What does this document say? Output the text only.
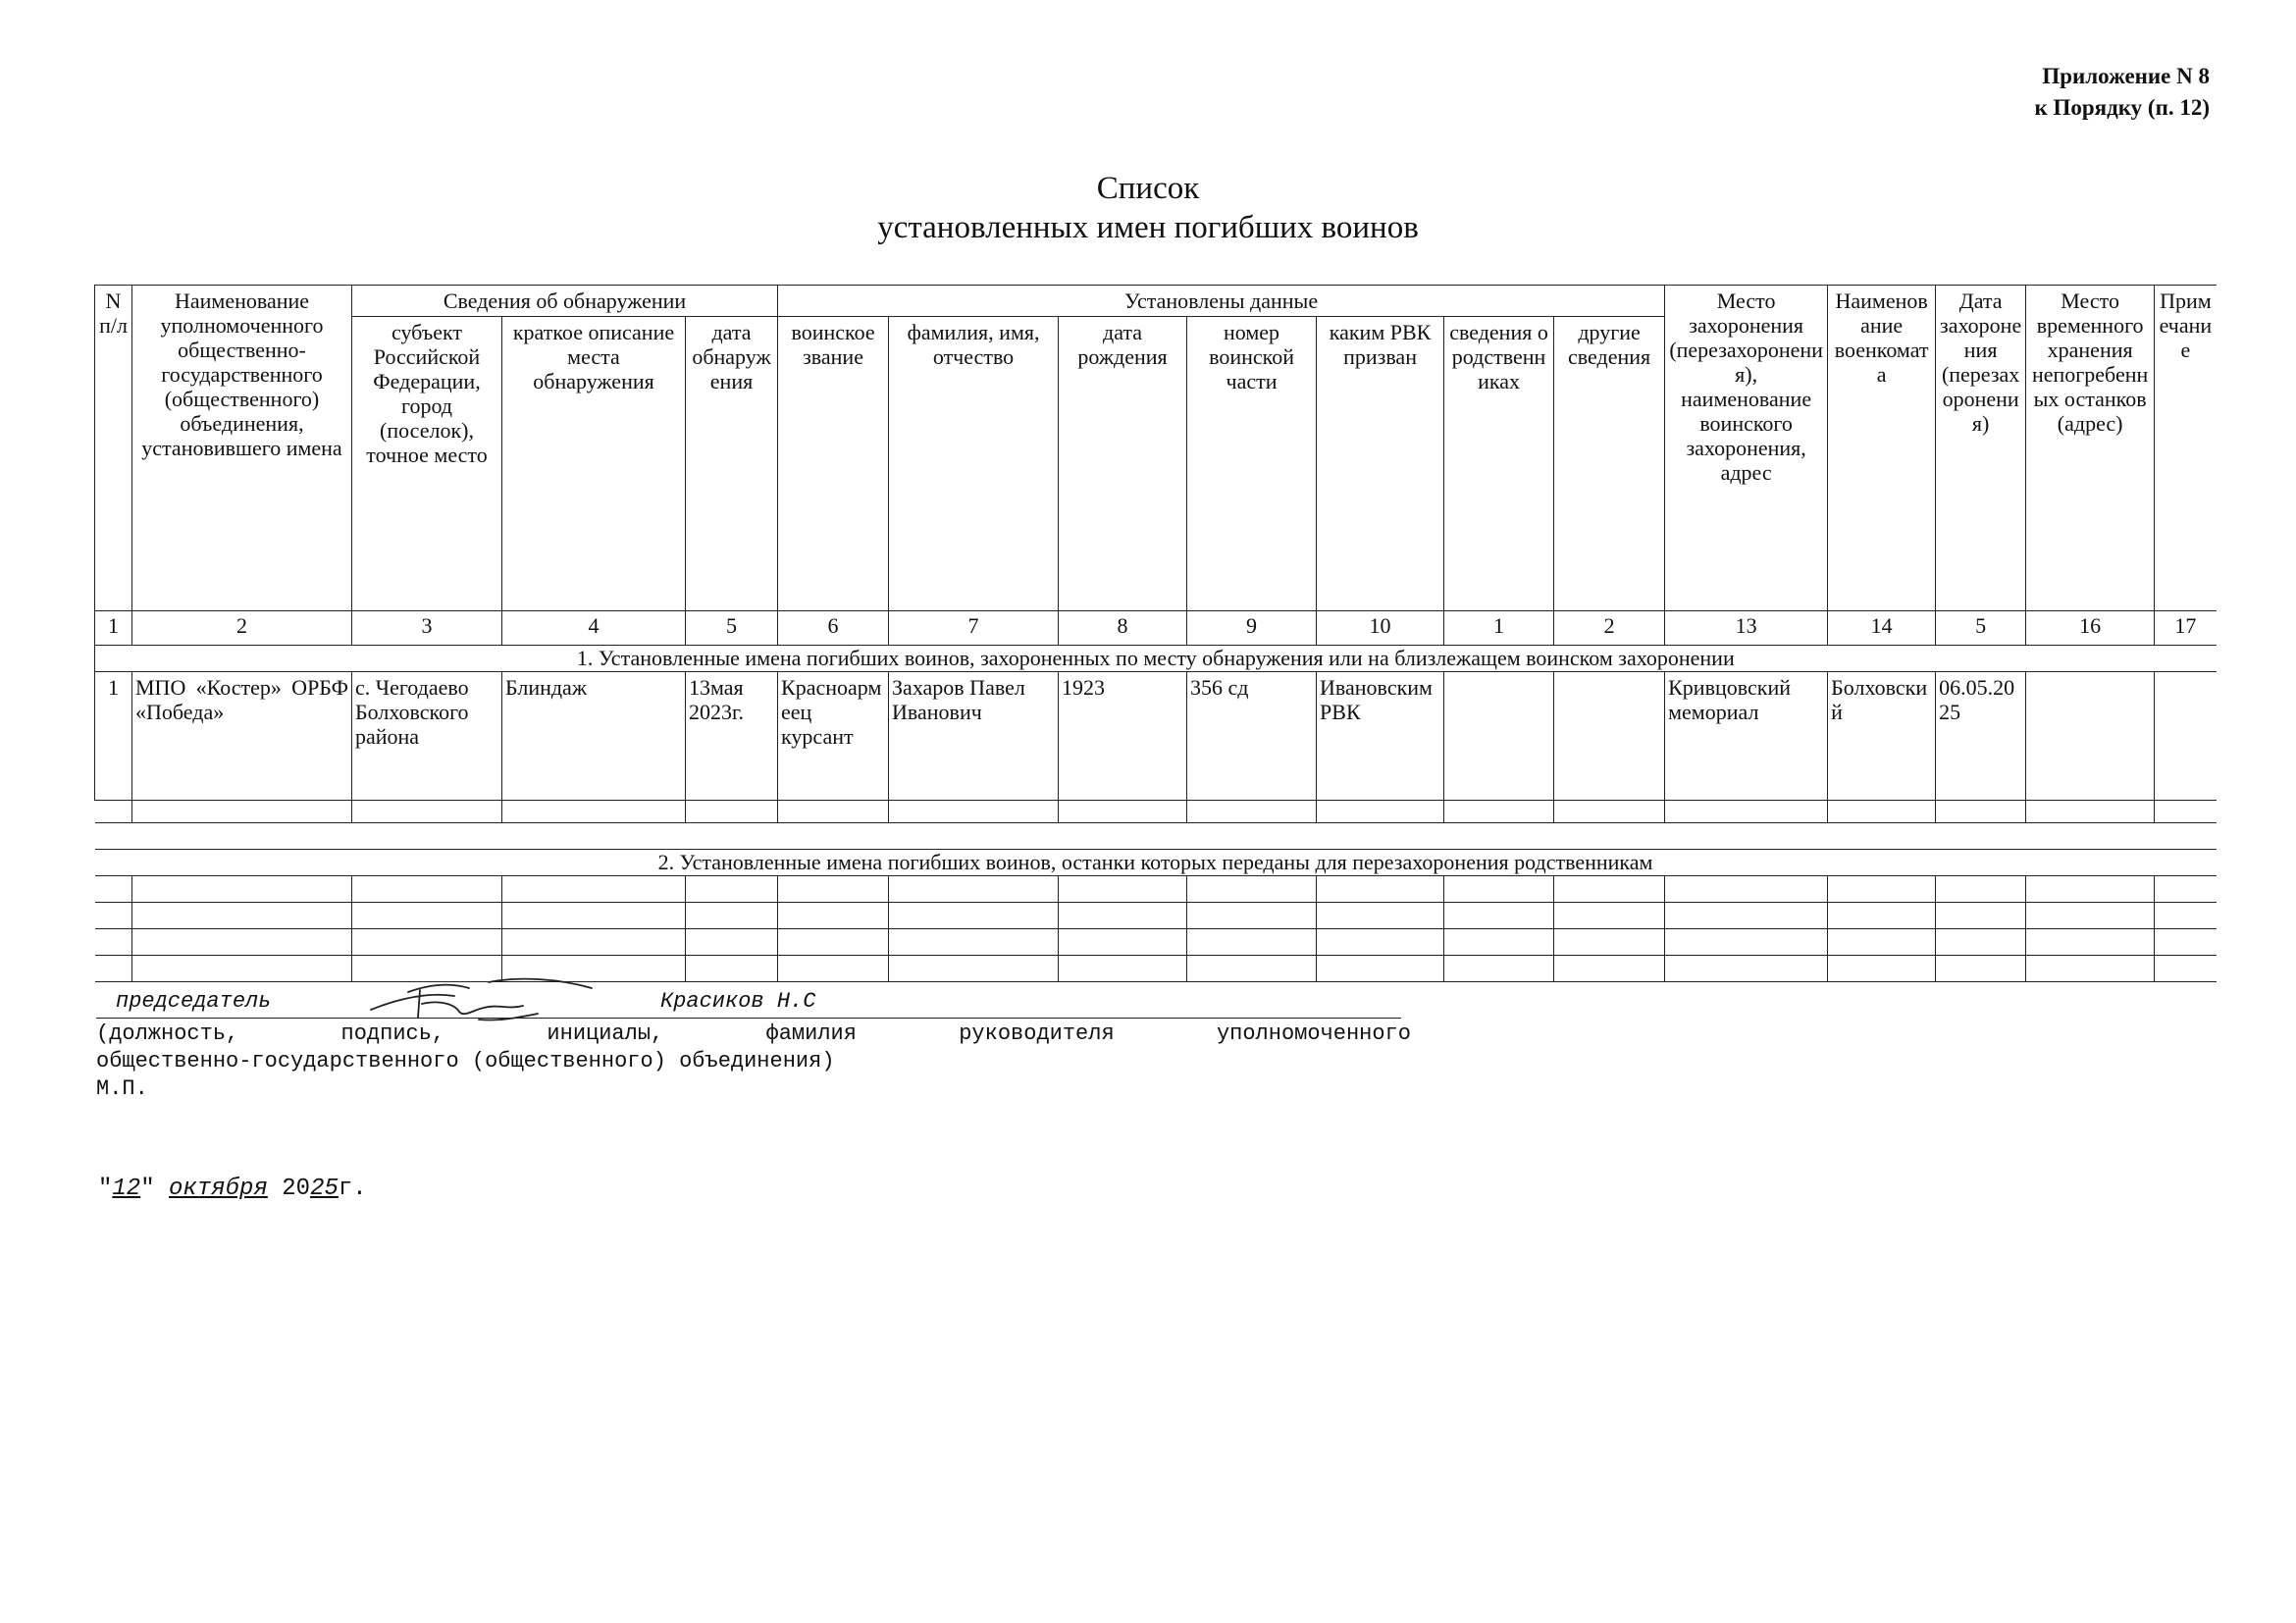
Приложение N 8
к Порядку (п. 12)
Список
установленных имен погибших воинов
N п/л	Наименование уполномоченного общественно-государственного (общественного) объединения, установившего имена	Сведения об обнаружении			Установлены данные							Место захоронения (перезахоронения), наименование воинского захоронения, адрес	Наименование военкомата	Дата захоронения (перезахоронения)	Место временного хранения непогребенных останков (адрес)	Примечание
		субъект Российской Федерации, город (поселок), точное место	краткое описание места обнаружения	дата обнаружения	воинское звание	фамилия, имя, отчество	дата рождения	номер воинской части	каким РВК призван	сведения о родственниках	другие сведения					
1	2	3	4	5	6	7	8	9	10	1	2	13	14	5	16	17
1. Установленные имена погибших воинов, захороненных по месту обнаружения или на близлежащем воинском захоронении																
1	МПО «Костер» ОРБФ «Победа»	с. Чегодаево Болховского района	Блиндаж	13мая 2023г.	Красноармеец курсант	Захаров Павел Иванович	1923	356 сд	Ивановским РВК			Кривцовский мемориал	Болховский	06.05.2025		

2. Установленные имена погибших воинов, останки которых переданы для перезахоронения родственникам																

председатель	Красиков Н.С
(должность,	подпись,	инициалы,	фамилия	руководителя	уполномоченного
общественно-государственного (общественного) объединения)
М.П.
"12" октября 2025г.
